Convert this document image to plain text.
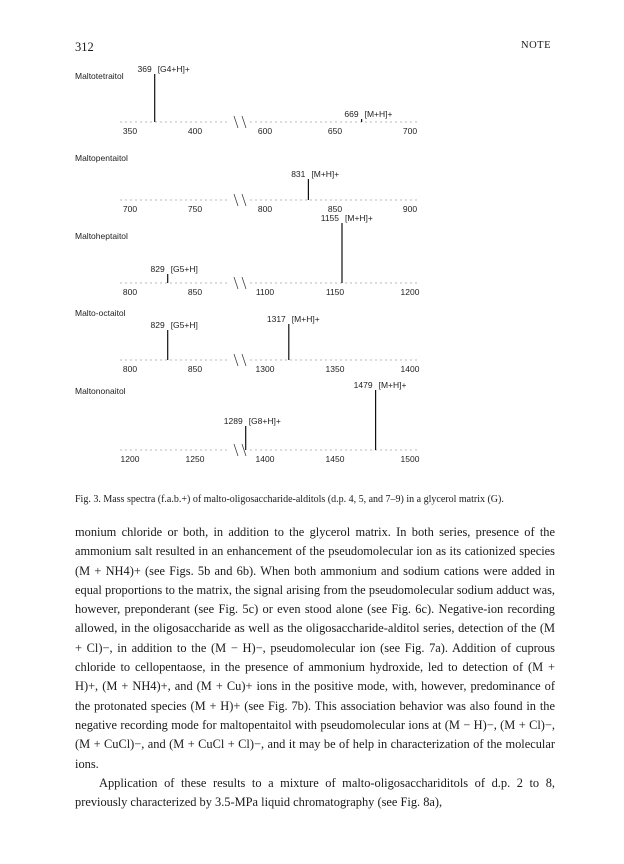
312	NOTE
Maltotetraitol
350	400	600	650	700
369 [G4+H]+
669 [M+H]+
Maltopentaitol
700	750	800	850	900
831 [M+H]+
Maltoheptaitol
800	850	1100	1150	1200
829 [G5+H]
1155 [M+H]+
Malto-octaitol
800	850	1300	1350	1400
829 [G5+H]
1317 [M+H]+
Maltononaitol
1200	1250	1400	1450	1500
1289 [G8+H]+
1479 [M+H]+
Fig. 3. Mass spectra (f.a.b.+) of malto-oligosaccharide-alditols (d.p. 4, 5, and 7–9) in a glycerol matrix (G).

monium chloride or both, in addition to the glycerol matrix. In both series, presence of the ammonium salt resulted in an enhancement of the pseudomolecular ion as its cationized species (M + NH4)+ (see Figs. 5b and 6b). When both ammonium and sodium cations were added in equal proportions to the matrix, the signal arising from the pseudomolecular sodium adduct was, however, preponderant (see Fig. 5c) or even stood alone (see Fig. 6c). Negative-ion recording allowed, in the oligosaccharide as well as the oligosaccharide-alditol series, detection of the (M + Cl)−, in addition to the (M − H)−, pseudomolecular ion (see Fig. 7a). Addition of cuprous chloride to cellopentaose, in the presence of ammonium hydroxide, led to detection of (M + H)+, (M + NH4)+, and (M + Cu)+ ions in the positive mode, with, however, predominance of the protonated species (M + H)+ (see Fig. 7b). This association behavior was also found in the negative recording mode for maltopentaitol with pseudomolecular ions at (M − H)−, (M + Cl)−, (M + CuCl)−, and (M + CuCl + Cl)−, and it may be of help in characterization of the molecular ions.

Application of these results to a mixture of malto-oligosacchariditols of d.p. 2 to 8, previously characterized by 3.5-MPa liquid chromatography (see Fig. 8a),
